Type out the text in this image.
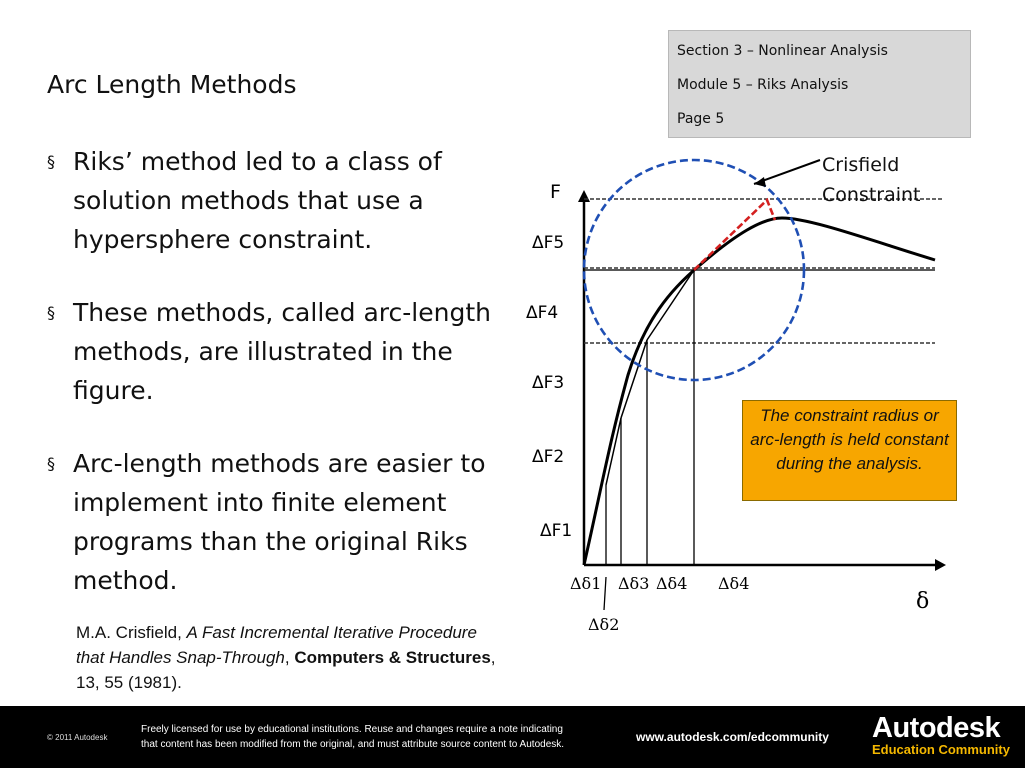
Arc Length Methods
Section 3 – Nonlinear Analysis
Module 5 – Riks Analysis
Page 5
§ Riks’ method led to a class of solution methods that use a hypersphere constraint.
§ These methods, called arc-length methods, are illustrated in the figure.
§ Arc-length methods are easier to implement into finite element programs than the original Riks method.
M.A. Crisfield, A Fast Incremental Iterative Procedure that Handles Snap-Through, Computers & Structures, 13, 55 (1981).
F
δ
ΔF5
ΔF4
ΔF3
ΔF2
ΔF1
Δδ1 Δδ3 Δδ4 Δδ4
Δδ2
Crisfield
Constraint
The constraint radius or arc-length is held constant during the analysis.
© 2011 Autodesk
Freely licensed for use by educational institutions. Reuse and changes require a note indicating
that content has been modified from the original, and must attribute source content to Autodesk.
www.autodesk.com/edcommunity Autodesk
Education Community
